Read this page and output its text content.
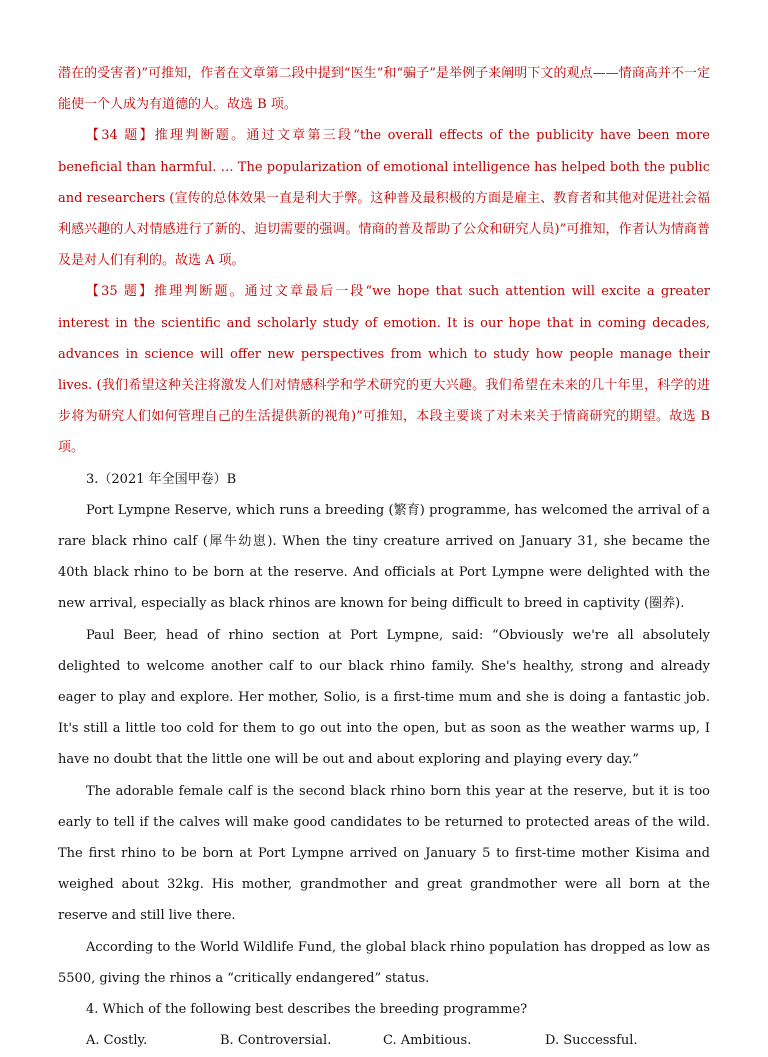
潜在的受害者)”可推知，作者在文章第二段中提到“医生”和“骗子”是举例子来阐明下文的观点——情商高并不一定能使一个人成为有道德的人。故选 B 项。

【34 题】推理判断题。通过文章第三段“the overall effects of the publicity have been more beneficial than harmful. … The popularization of emotional intelligence has helped both the public and researchers (宣传的总体效果一直是利大于弊。这种普及最积极的方面是雇主、教育者和其他对促进社会福利感兴趣的人对情感进行了新的、迫切需要的强调。情商的普及帮助了公众和研究人员)”可推知，作者认为情商普及是对人们有利的。故选 A 项。

【35 题】推理判断题。通过文章最后一段“we hope that such attention will excite a greater interest in the scientific and scholarly study of emotion. It is our hope that in coming decades, advances in science will offer new perspectives from which to study how people manage their lives. (我们希望这种关注将激发人们对情感科学和学术研究的更大兴趣。我们希望在未来的几十年里，科学的进步将为研究人们如何管理自己的生活提供新的视角)”可推知，本段主要谈了对未来关于情商研究的期望。故选 B 项。

3.（2021 年全国甲卷）B

Port Lympne Reserve, which runs a breeding (繁育) programme, has welcomed the arrival of a rare black rhino calf (犀牛幼崽). When the tiny creature arrived on January 31, she became the 40th black rhino to be born at the reserve. And officials at Port Lympne were delighted with the new arrival, especially as black rhinos are known for being difficult to breed in captivity (圈养).

Paul Beer, head of rhino section at Port Lympne, said: “Obviously we're all absolutely delighted to welcome another calf to our black rhino family. She's healthy, strong and already eager to play and explore. Her mother, Solio, is a first-time mum and she is doing a fantastic job. It's still a little too cold for them to go out into the open, but as soon as the weather warms up, I have no doubt that the little one will be out and about exploring and playing every day.”

The adorable female calf is the second black rhino born this year at the reserve, but it is too early to tell if the calves will make good candidates to be returned to protected areas of the wild. The first rhino to be born at Port Lympne arrived on January 5 to first-time mother Kisima and weighed about 32kg. His mother, grandmother and great grandmother were all born at the reserve and still live there.

According to the World Wildlife Fund, the global black rhino population has dropped as low as 5500, giving the rhinos a “critically endangered” status.

4. Which of the following best describes the breeding programme?

A. Costly.	B. Controversial.	C. Ambitious.	D. Successful.
